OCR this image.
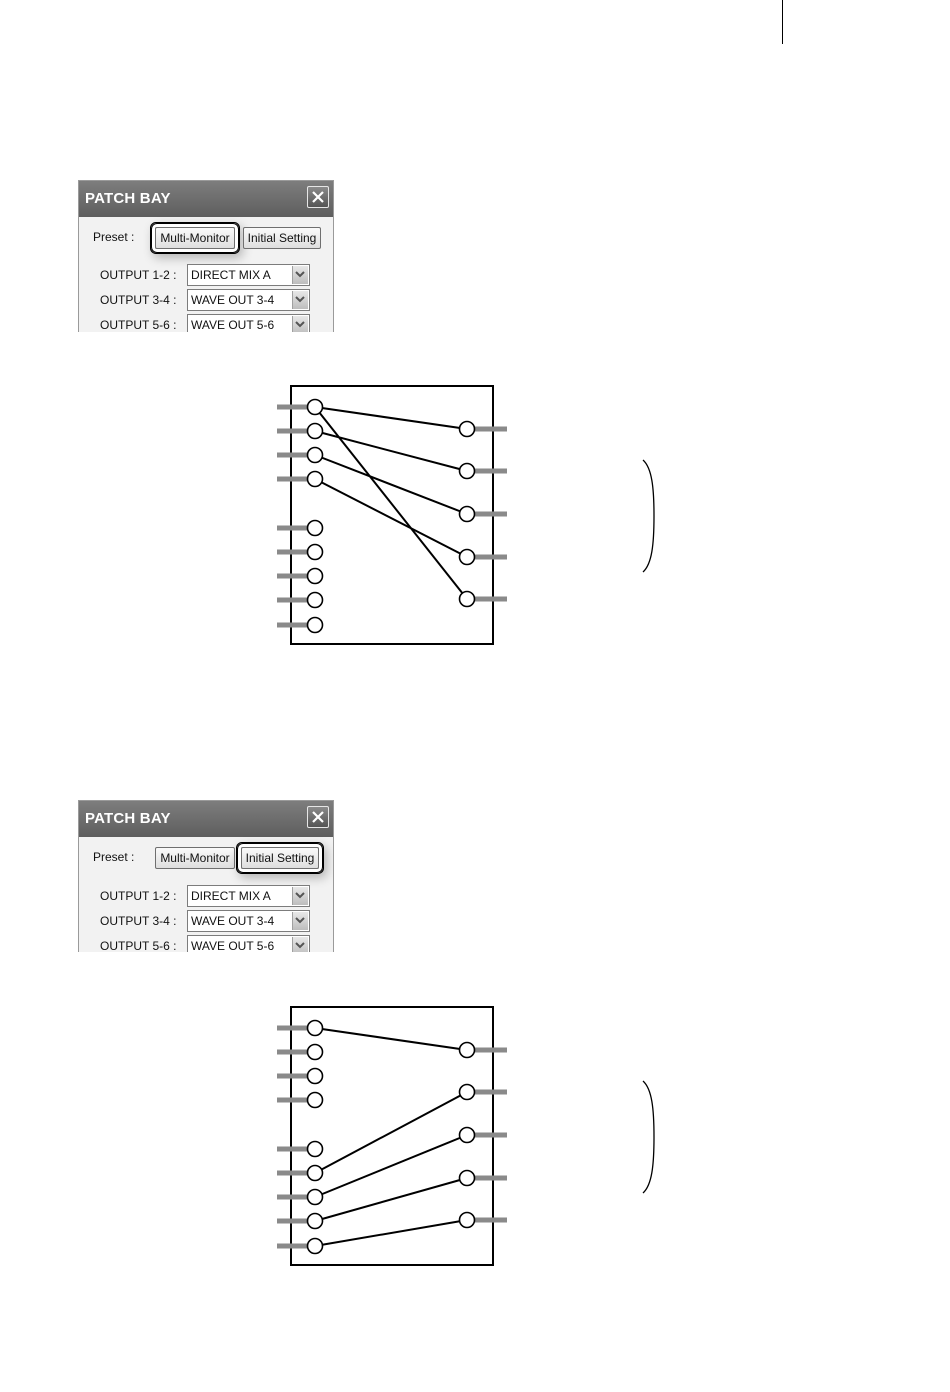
PATCH BAY
Preset :	Multi-Monitor	Initial Setting
OUTPUT 1-2 :	DIRECT MIX A
OUTPUT 3-4 :	WAVE OUT 3-4
OUTPUT 5-6 :	WAVE OUT 5-6
PATCH BAY
Preset :	Multi-Monitor	Initial Setting
OUTPUT 1-2 :	DIRECT MIX A
OUTPUT 3-4 :	WAVE OUT 3-4
OUTPUT 5-6 :	WAVE OUT 5-6
